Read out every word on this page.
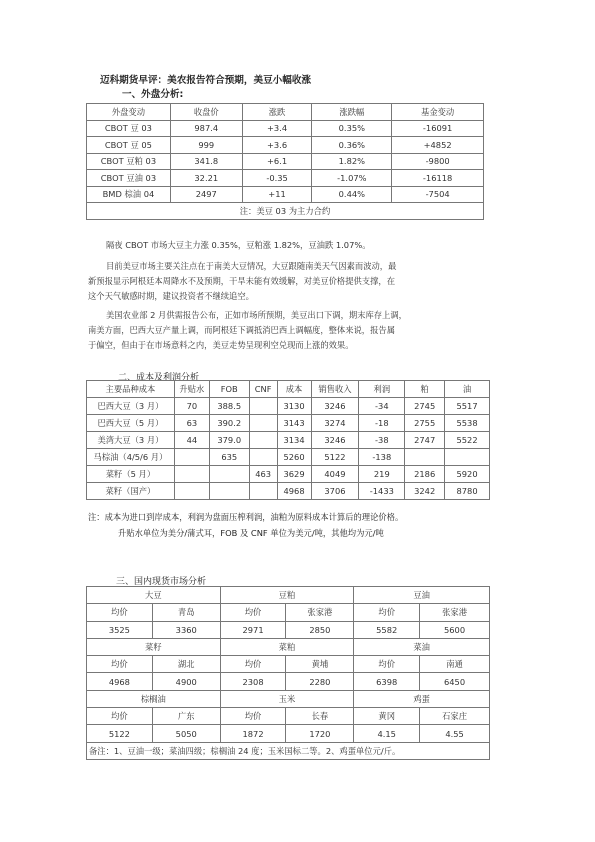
迈科期货早评：美农报告符合预期，美豆小幅收涨
一、外盘分析:
外盘变动	收盘价	涨跌	涨跌幅	基金变动
CBOT 豆 03	987.4	+3.4	0.35%	-16091
CBOT 豆 05	999	+3.6	0.36%	+4852
CBOT 豆粕 03	341.8	+6.1	1.82%	-9800
CBOT 豆油 03	32.21	-0.35	-1.07%	-16118
BMD 棕油 04	2497	+11	0.44%	-7504
注：美豆 03 为主力合约				
隔夜 CBOT 市场大豆主力涨 0.35%，豆粕涨 1.82%，豆油跌 1.07%。
目前美豆市场主要关注点在于南美大豆情况，大豆跟随南美天气因素而波动，最
新预报显示阿根廷本周降水不及预期，干旱未能有效缓解，对美豆价格提供支撑，在
这个天气敏感时期，建议投资者不继续追空。
美国农业部 2 月供需报告公布，正如市场所预期，美豆出口下调，期末库存上调，
南美方面，巴西大豆产量上调，而阿根廷下调抵消巴西上调幅度，整体来说，报告属
于偏空，但由于在市场意料之内，美豆走势呈现利空兑现而上涨的效果。
二、成本及利润分析
主要品种成本	升贴水	FOB	CNF	成本	销售收入	利润	粕	油
巴西大豆（3 月）	70	388.5		3130	3246	-34	2745	5517
巴西大豆（5 月）	63	390.2		3143	3274	-18	2755	5538
美湾大豆（3 月）	44	379.0		3134	3246	-38	2747	5522
马棕油（4/5/6 月）		635		5260	5122	-138		
菜籽（5 月）			463	3629	4049	219	2186	5920
菜籽（国产）				4968	3706	-1433	3242	8780
注：成本为进口到岸成本，利润为盘面压榨利润，油粕为原料成本计算后的理论价格。
升贴水单位为美分/蒲式耳，FOB 及 CNF 单位为美元/吨，其他均为元/吨
三、国内现货市场分析
大豆		豆粕		豆油	
均价	青岛	均价	张家港	均价	张家港
3525	3360	2971	2850	5582	5600
菜籽		菜粕		菜油	
均价	湖北	均价	黄埔	均价	南通
4968	4900	2308	2280	6398	6450
棕榈油		玉米		鸡蛋	
均价	广东	均价	长春	黄冈	石家庄
5122	5050	1872	1720	4.15	4.55
备注：1、豆油一级；菜油四级；棕榈油 24 度；玉米国标二等。2、鸡蛋单位元/斤。					
